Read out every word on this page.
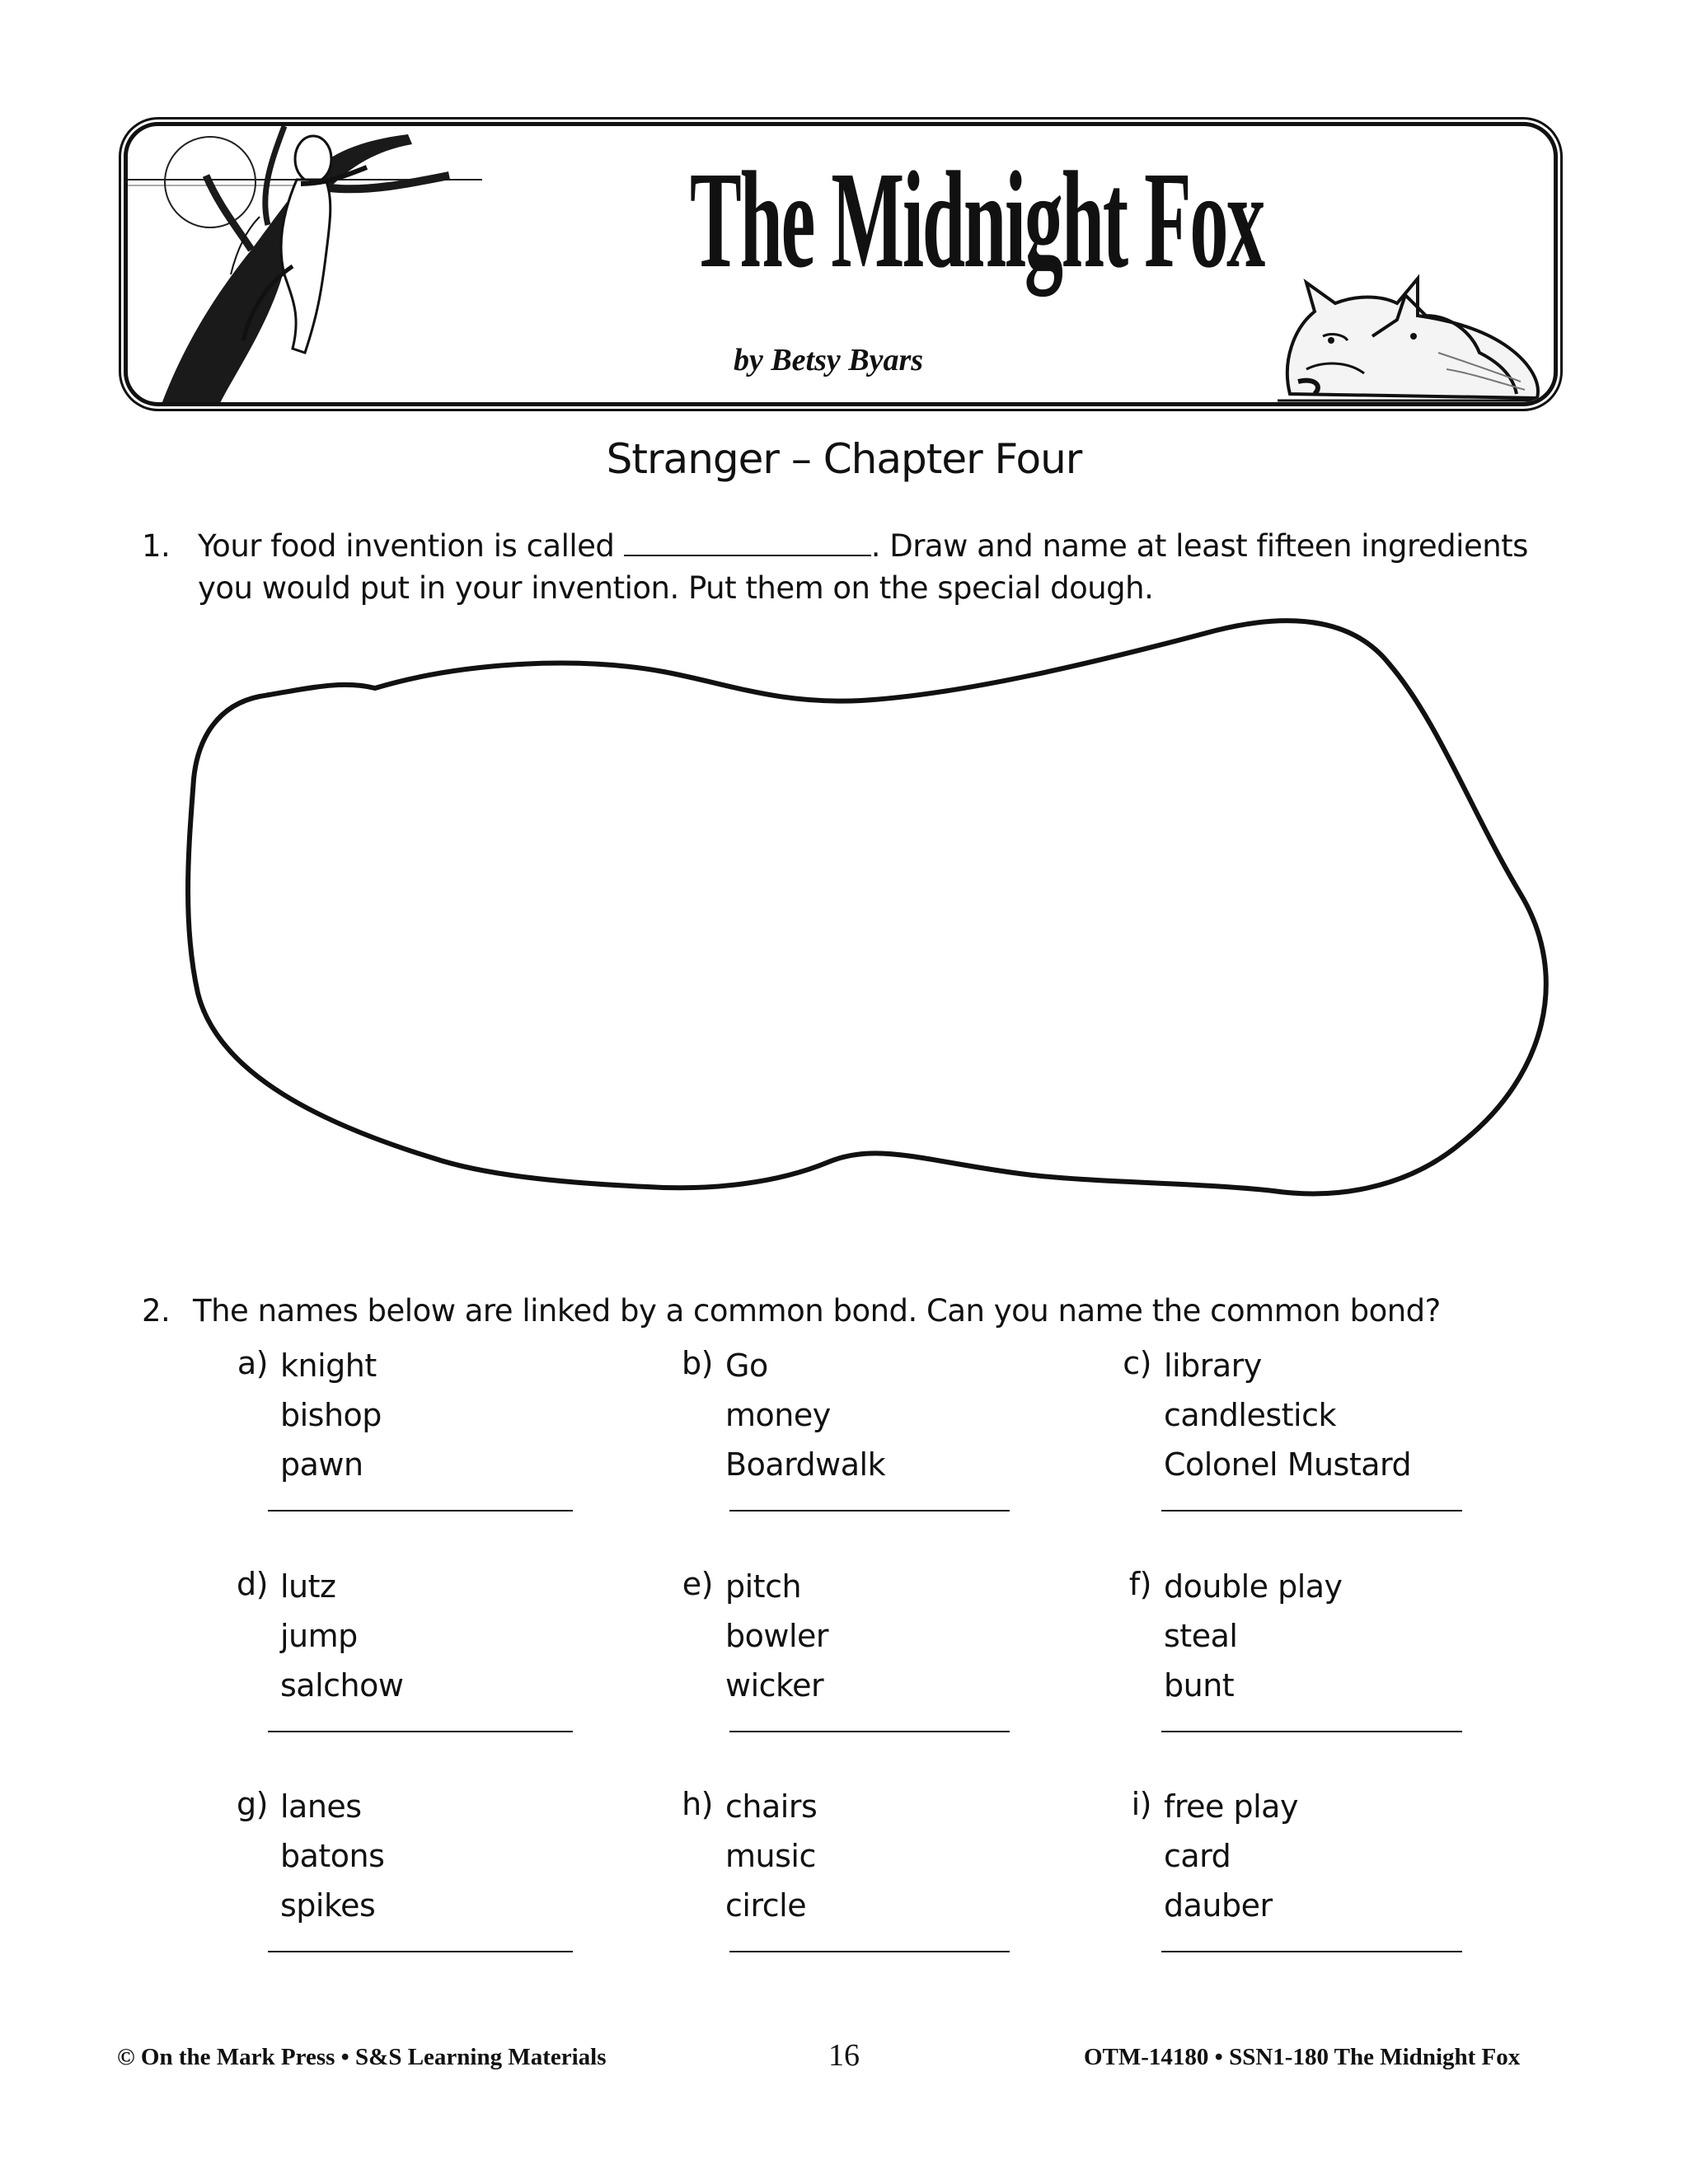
The Midnight Fox
by Betsy Byars
Stranger – Chapter Four
1. Your food invention is called	. Draw and name at least fifteen ingredients you would put in your invention. Put them on the special dough.
2. The names below are linked by a common bond. Can you name the common bond?
a) knight
bishop
pawn
b) Go
money
Boardwalk
c) library
candlestick
Colonel Mustard
d) lutz
jump
salchow
e) pitch
bowler
wicker
f) double play
steal
bunt
g) lanes
batons
spikes
h) chairs
music
circle
i) free play
card
dauber
© On the Mark Press • S&S Learning Materials	16	OTM-14180 • SSN1-180 The Midnight Fox
